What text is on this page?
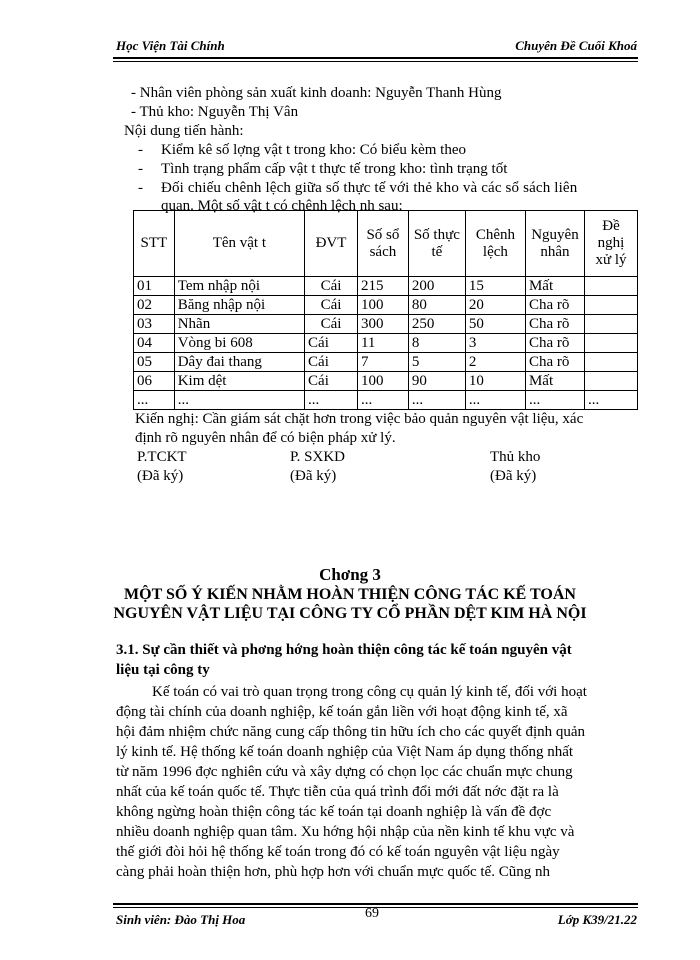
Học Viện Tài Chính	Chuyên Đề Cuối Khoá
- Nhân viên phòng sản xuất kinh doanh: Nguyễn Thanh Hùng
- Thủ kho: Nguyễn Thị Vân
Nội dung tiến hành:
- Kiểm kê số lợng vật t trong kho: Có biểu kèm theo
- Tình trạng phẩm cấp vật t thực tế trong kho: tình trạng tốt
- Đối chiếu chênh lệch giữa số thực tế với thẻ kho và các sổ sách liên
quan. Một số vật t có chênh lệch nh sau:
STT	Tên vật t	ĐVT	Số sổ sách	Số thực tế	Chênh lệch	Nguyên nhân	Đề nghị xử lý
01	Tem nhập nội	Cái	215	200	15	Mất	
02	Băng nhập nội	Cái	100	80	20	Cha rõ	
03	Nhãn	Cái	300	250	50	Cha rõ	
04	Vòng bi 608	Cái	11	8	3	Cha rõ	
05	Dây đai thang	Cái	7	5	2	Cha rõ	
06	Kim dệt	Cái	100	90	10	Mất	
...	...	...	...	...	...	...	...
Kiến nghị: Cần giám sát chặt hơn trong việc bảo quản nguyên vật liệu, xác
định rõ nguyên nhân để có biện pháp xử lý.
P.TCKT
(Đã ký)
P. SXKD
(Đã ký)
Thủ kho
(Đã ký)
Chơng 3
MỘT SỐ Ý KIẾN NHẰM HOÀN THIỆN CÔNG TÁC KẾ TOÁN
NGUYÊN VẬT LIỆU TẠI CÔNG TY CỔ PHẦN DỆT KIM HÀ NỘI
3.1. Sự cần thiết và phơng hớng hoàn thiện công tác kế toán nguyên vật
liệu tại công ty
Kế toán có vai trò quan trọng trong công cụ quản lý kinh tế, đối với hoạt
động tài chính của doanh nghiệp, kế toán gắn liền với hoạt động kinh tế, xã
hội đảm nhiệm chức năng cung cấp thông tin hữu ích cho các quyết định quản
lý kinh tế. Hệ thống kế toán doanh nghiệp của Việt Nam áp dụng thống nhất
từ năm 1996 đợc nghiên cứu và xây dựng có chọn lọc các chuẩn mực chung
nhất của kế toán quốc tế. Thực tiễn của quá trình đổi mới đất nớc đặt ra là
không ngừng hoàn thiện công tác kế toán tại doanh nghiệp là vấn đề đợc
nhiều doanh nghiệp quan tâm. Xu hớng hội nhập của nền kinh tế khu vực và
thế giới đòi hỏi hệ thống kế toán trong đó có kế toán nguyên vật liệu ngày
càng phải hoàn thiện hơn, phù hợp hơn với chuẩn mực quốc tế. Cũng nh
Sinh viên: Đào Thị Hoa	69	Lớp K39/21.22
